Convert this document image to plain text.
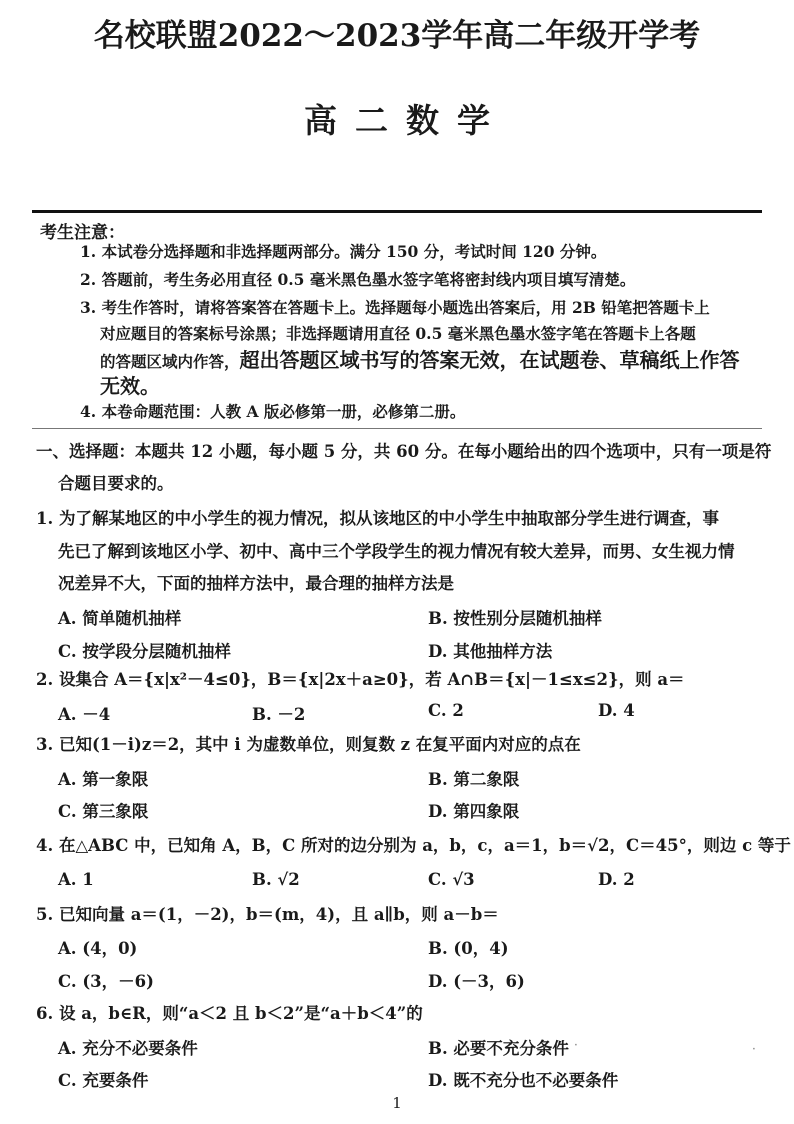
名校联盟2022～2023学年高二年级开学考
高二数学
考生注意：
1. 本试卷分选择题和非选择题两部分。满分 150 分，考试时间 120 分钟。
2. 答题前，考生务必用直径 0.5 毫米黑色墨水签字笔将密封线内项目填写清楚。
3. 考生作答时，请将答案答在答题卡上。选择题每小题选出答案后，用 2B 铅笔把答题卡上
对应题目的答案标号涂黑；非选择题请用直径 0.5 毫米黑色墨水签字笔在答题卡上各题
的答题区域内作答，超出答题区域书写的答案无效，在试题卷、草稿纸上作答
无效。
4. 本卷命题范围：人教 A 版必修第一册，必修第二册。
一、选择题：本题共 12 小题，每小题 5 分，共 60 分。在每小题给出的四个选项中，只有一项是符
合题目要求的。
1. 为了解某地区的中小学生的视力情况，拟从该地区的中小学生中抽取部分学生进行调查，事
先已了解到该地区小学、初中、高中三个学段学生的视力情况有较大差异，而男、女生视力情
况差异不大，下面的抽样方法中，最合理的抽样方法是
A. 简单随机抽样	B. 按性别分层随机抽样
C. 按学段分层随机抽样	D. 其他抽样方法
2. 设集合 A＝{x|x²－4≤0}，B＝{x|2x＋a≥0}，若 A∩B＝{x|－1≤x≤2}，则 a＝
A. －4	B. －2	C. 2	D. 4
3. 已知(1－i)z＝2，其中 i 为虚数单位，则复数 z 在复平面内对应的点在
A. 第一象限	B. 第二象限
C. 第三象限	D. 第四象限
4. 在△ABC 中，已知角 A，B，C 所对的边分别为 a，b，c，a＝1，b＝√2，C＝45°，则边 c 等于
A. 1	B. √2	C. √3	D. 2
5. 已知向量 a＝(1，－2)，b＝(m，4)，且 a∥b，则 a－b＝
A. (4，0)	B. (0，4)
C. (3，－6)	D. (－3，6)
6. 设 a，b∈R，则“a＜2 且 b＜2”是“a＋b＜4”的
A. 充分不必要条件	B. 必要不充分条件
C. 充要条件	D. 既不充分也不必要条件
‧	‧
1
